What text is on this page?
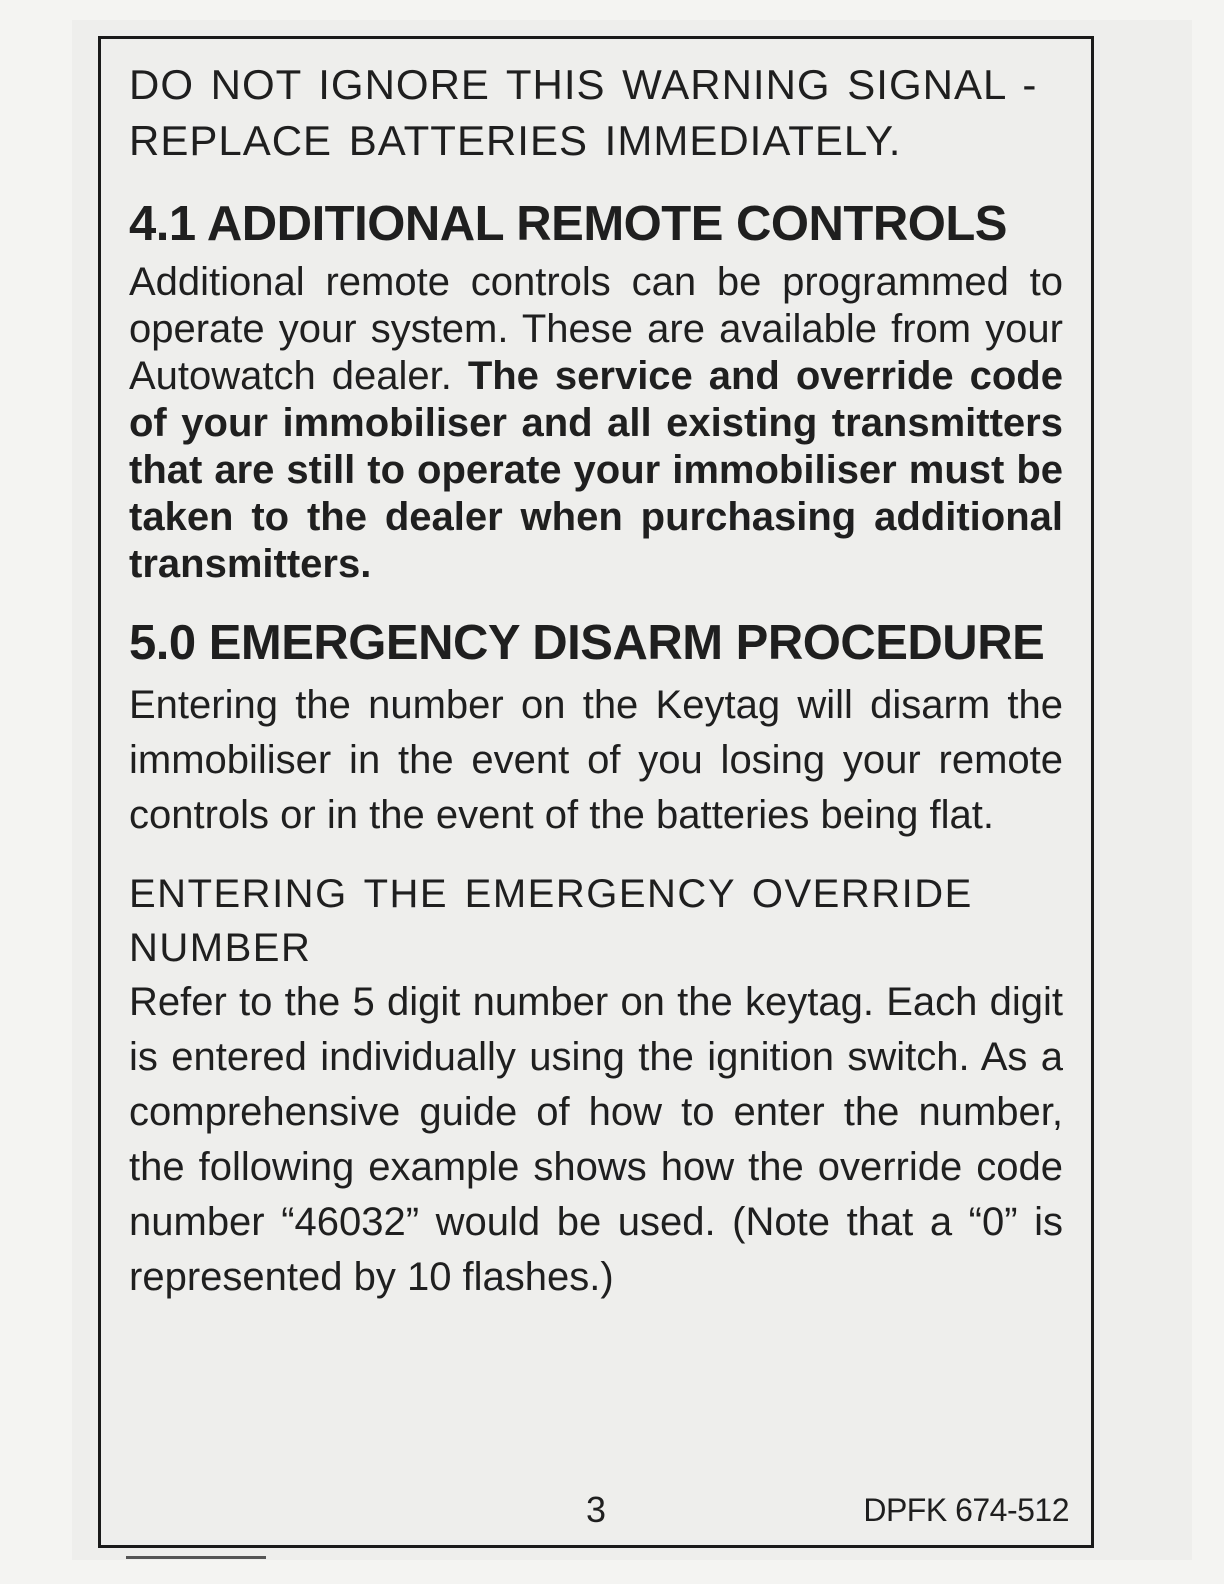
DO NOT IGNORE THIS WARNING SIGNAL -
REPLACE BATTERIES IMMEDIATELY.

4.1 ADDITIONAL REMOTE CONTROLS

Additional remote controls can be programmed to operate your system. These are available from your Autowatch dealer. The service and override code of your immobiliser and all existing transmitters that are still to operate your immobiliser must be taken to the dealer when purchasing additional transmitters.

5.0 EMERGENCY DISARM PROCEDURE

Entering the number on the Keytag will disarm the immobiliser in the event of you losing your remote controls or in the event of the batteries being flat.

ENTERING THE EMERGENCY OVERRIDE NUMBER

Refer to the 5 digit number on the keytag. Each digit is entered individually using the ignition switch. As a comprehensive guide of how to enter the number, the following example shows how the override code number “46032” would be used. (Note that a “0” is represented by 10 flashes.)

3	DPFK 674-512
